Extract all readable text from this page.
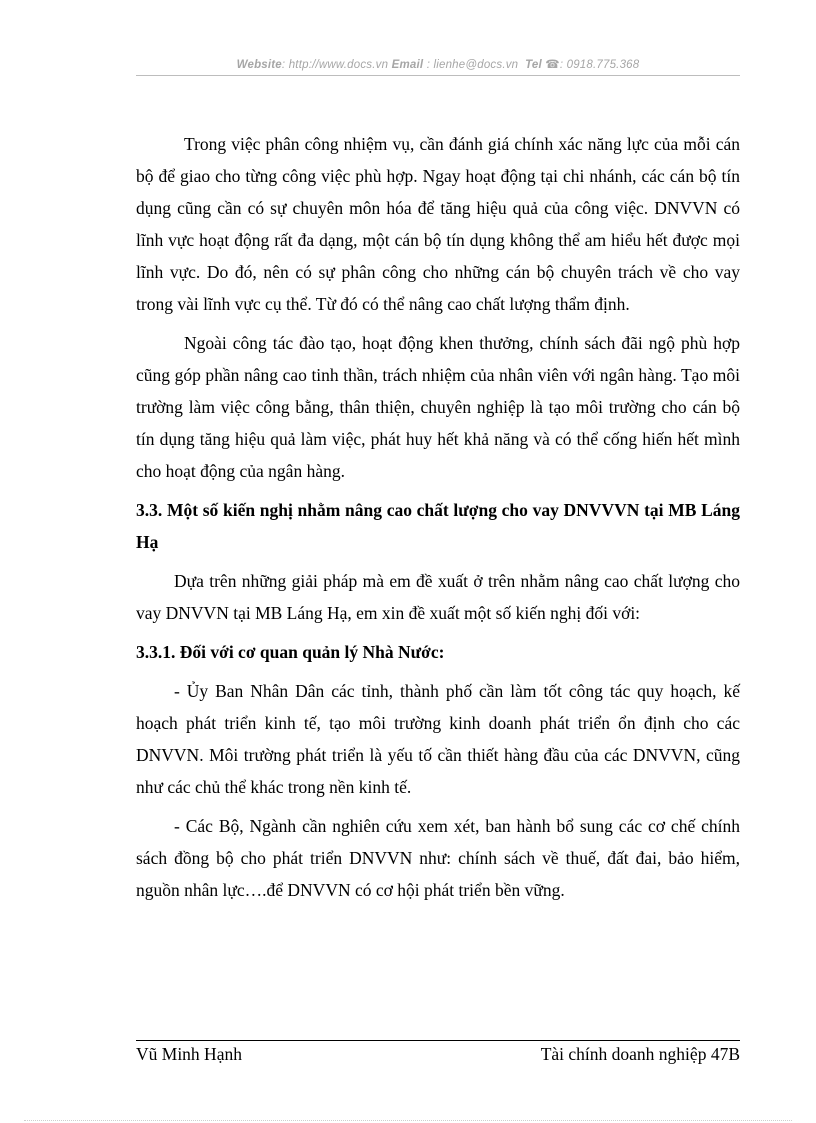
Website: http://www.docs.vn Email : lienhe@docs.vn Tel ☎: 0918.775.368

Trong việc phân công nhiệm vụ, cần đánh giá chính xác năng lực của mỗi cán bộ để giao cho từng công việc phù hợp. Ngay hoạt động tại chi nhánh, các cán bộ tín dụng cũng cần có sự chuyên môn hóa để tăng hiệu quả của công việc. DNVVN có lĩnh vực hoạt động rất đa dạng, một cán bộ tín dụng không thể am hiểu hết được mọi lĩnh vực. Do đó, nên có sự phân công cho những cán bộ chuyên trách về cho vay trong vài lĩnh vực cụ thể. Từ đó có thể nâng cao chất lượng thẩm định.

Ngoài công tác đào tạo, hoạt động khen thưởng, chính sách đãi ngộ phù hợp cũng góp phần nâng cao tinh thần, trách nhiệm của nhân viên với ngân hàng. Tạo môi trường làm việc công bằng, thân thiện, chuyên nghiệp là tạo môi trường cho cán bộ tín dụng tăng hiệu quả làm việc, phát huy hết khả năng và có thể cống hiến hết mình cho hoạt động của ngân hàng.

3.3. Một số kiến nghị nhằm nâng cao chất lượng cho vay DNVVVN tại MB Láng Hạ

Dựa trên những giải pháp mà em đề xuất ở trên nhằm nâng cao chất lượng cho vay DNVVN tại MB Láng Hạ, em xin đề xuất một số kiến nghị đối với:

3.3.1. Đối với cơ quan quản lý Nhà Nước:

- Ủy Ban Nhân Dân các tỉnh, thành phố cần làm tốt công tác quy hoạch, kế hoạch phát triển kinh tế, tạo môi trường kinh doanh phát triển ổn định cho các DNVVN. Môi trường phát triển là yếu tố cần thiết hàng đầu của các DNVVN, cũng như các chủ thể khác trong nền kinh tế.

- Các Bộ, Ngành cần nghiên cứu xem xét, ban hành bổ sung các cơ chế chính sách đồng bộ cho phát triển DNVVN như: chính sách về thuế, đất đai, bảo hiểm, nguồn nhân lực….để DNVVN có cơ hội phát triển bền vững.

Vũ Minh Hạnh	Tài chính doanh nghiệp 47B
